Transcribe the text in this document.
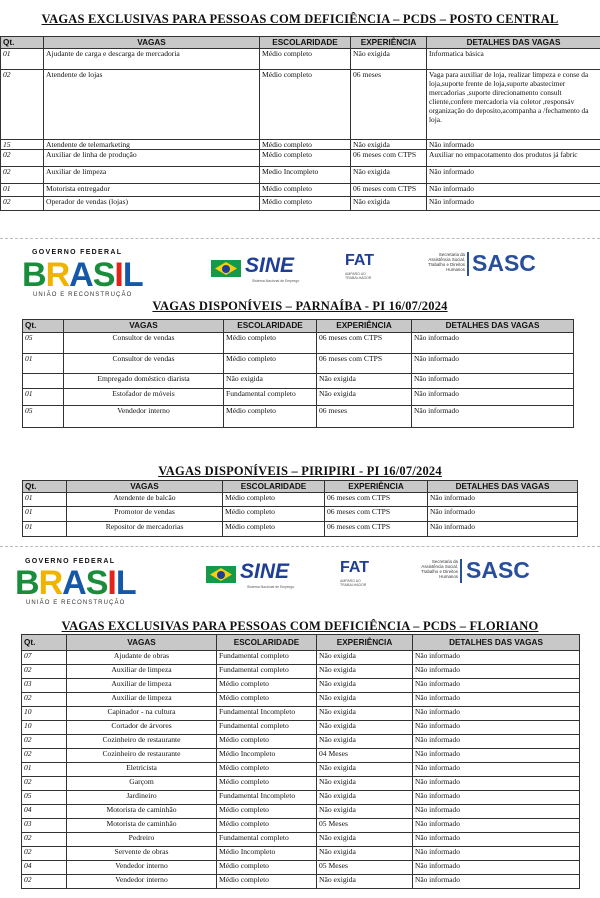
VAGAS EXCLUSIVAS PARA PESSOAS COM DEFICIÊNCIA – PCDS – POSTO CENTRAL
Qt.	VAGAS	ESCOLARIDADE	EXPERIÊNCIA	DETALHES DAS VAGAS
01	Ajudante de carga e descarga de mercadoria	Médio completo	Não exigida	Informatica básica
02	Atendente de lojas	Médio completo	06 meses	Vaga para auxiliar de loja, realizar limpeza e conse da loja,suporte frente de loja,suporte abastecimer mercadorias ,suporte direcionamento consult cliente,confere mercadoria via coletor ,responsáv organização do deposito,acompanha a /fechamento da loja.
15	Atendente de telemarketing	Médio completo	Não exigida	Não informado
02	Auxiliar de linha de produção	Médio completo	06 meses com CTPS	Auxiliar no empacotamento dos produtos já fabric
02	Auxiliar de limpeza	Medio Incompleto	Não exigida	Não informado
01	Motorista entregador	Médio completo	06 meses com CTPS	Não informado
02	Operador de vendas (lojas)	Médio completo	Não exigida	Não informado
GOVERNO FEDERAL
BRASIL
UNIÃO E RECONSTRUÇÃO
SINE
Sistema Nacional de Emprego
FAT
AMPARO AO TRABALHADOR
Secretaria da Assistência Social, Trabalho e Direitos Humanos SASC
VAGAS DISPONÍVEIS – PARNAÍBA - PI 16/07/2024
Qt.	VAGAS	ESCOLARIDADE	EXPERIÊNCIA	DETALHES DAS VAGAS
05	Consultor de vendas	Médio completo	06 meses com CTPS	Não informado
01	Consultor de vendas	Médio completo	06 meses com CTPS	Não informado
	Empregado doméstico diarista	Não exigida	Não exigida	Não informado
01	Estofador de móveis	Fundamental completo	Não exigida	Não informado
05	Vendedor interno	Médio completo	06 meses	Não informado
VAGAS DISPONÍVEIS – PIRIPIRI - PI 16/07/2024
Qt.	VAGAS	ESCOLARIDADE	EXPERIÊNCIA	DETALHES DAS VAGAS
01	Atendente de balcão	Médio completo	06 meses com CTPS	Não informado
01	Promotor de vendas	Médio completo	06 meses com CTPS	Não informado
01	Repositor de mercadorias	Médio completo	06 meses com CTPS	Não informado
GOVERNO FEDERAL
BRASIL
UNIÃO E RECONSTRUÇÃO
SINE
Sistema Nacional de Emprego
FAT
AMPARO AO TRABALHADOR
Secretaria da Assistência Social, Trabalho e Direitos Humanos SASC
VAGAS EXCLUSIVAS PARA PESSOAS COM DEFICIÊNCIA – PCDS – FLORIANO
Qt.	VAGAS	ESCOLARIDADE	EXPERIÊNCIA	DETALHES DAS VAGAS
07	Ajudante de obras	Fundamental completo	Não exigida	Não informado
02	Auxiliar de limpeza	Fundamental completo	Não exigida	Não informado
03	Auxiliar de limpeza	Médio completo	Não exigida	Não informado
02	Auxiliar de limpeza	Médio completo	Não exigida	Não informado
10	Capinador - na cultura	Fundamental Incompleto	Não exigida	Não informado
10	Cortador de árvores	Fundamental completo	Não exigida	Não informado
02	Cozinheiro de restaurante	Médio completo	Não exigida	Não informado
02	Cozinheiro de restaurante	Médio Incompleto	04 Meses	Não informado
01	Eletricista	Médio completo	Não exigida	Não informado
02	Garçom	Médio completo	Não exigida	Não informado
05	Jardineiro	Fundamental Incompleto	Não exigida	Não informado
04	Motorista de caminhão	Médio completo	Não exigida	Não informado
03	Motorista de caminhão	Médio completo	05 Meses	Não informado
02	Pedreiro	Fundamental completo	Não exigida	Não informado
02	Servente de obras	Médio Incompleto	Não exigida	Não informado
04	Vendedor interno	Médio completo	05 Meses	Não informado
02	Vendedor interno	Médio completo	Não exigida	Não informado
